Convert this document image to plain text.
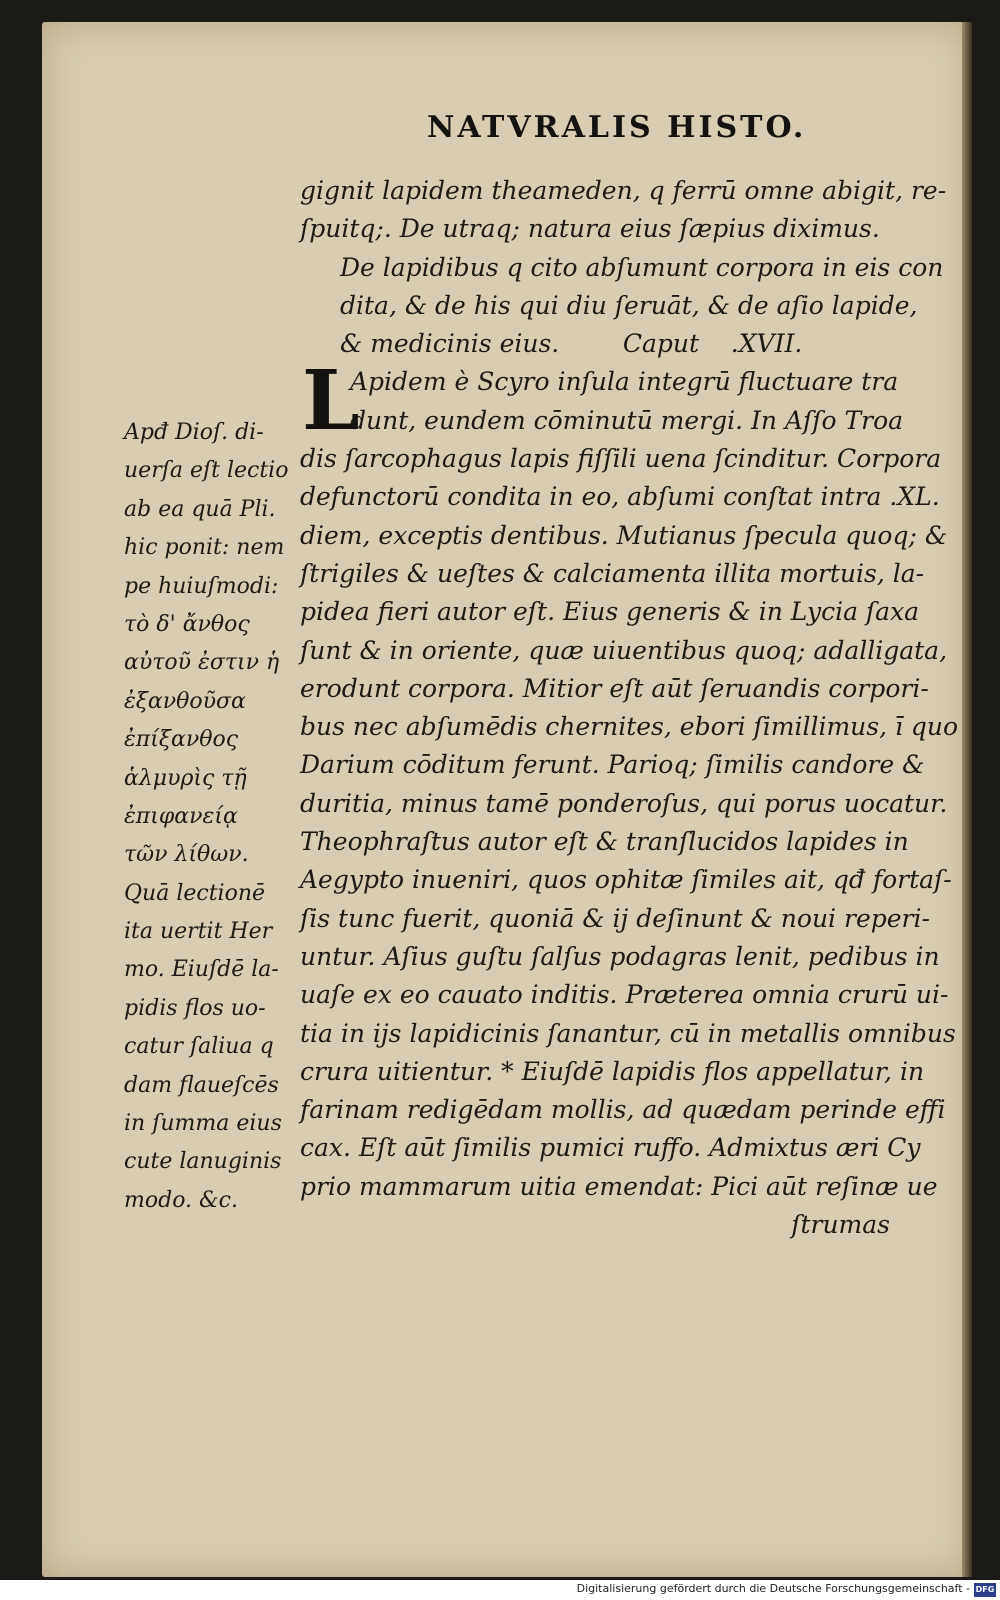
NATVRALIS HISTO.
gignit lapidem theameden, q ferrū omne abigit, re-
ſpuitq;. De utraq; natura eius ſæpius diximus.
De lapidibus q cito abſumunt corpora in eis con
dita, & de his qui diu ſeruāt, & de aſio lapide,
& medicinis eius.        Caput    .XVII.
Apidem è Scyro inſula integrū fluctuare tra
dunt, eundem cōminutū mergi. In Aſſo Troa
dis ſarcophagus lapis fiſſili uena ſcinditur. Corpora
defunctorū condita in eo, abſumi conſtat intra .XL.
diem, exceptis dentibus. Mutianus ſpecula quoq; &
ſtrigiles & ueſtes & calciamenta illita mortuis, la-
pidea fieri autor eſt. Eius generis & in Lycia ſaxa
ſunt & in oriente, quæ uiuentibus quoq; adalligata,
erodunt corpora. Mitior eſt aūt ſeruandis corpori-
bus nec abſumēdis chernites, ebori ſimillimus, ī quo
Darium cōditum ferunt. Parioq; ſimilis candore &
duritia, minus tamē ponderoſus, qui porus uocatur.
Theophraſtus autor eſt & tranſlucidos lapides in
Aegypto inueniri, quos ophitæ ſimiles ait, qđ fortaſ-
ſis tunc fuerit, quoniā & ij deſinunt & noui reperi-
untur. Aſius guſtu ſalſus podagras lenit, pedibus in
uaſe ex eo cauato inditis. Præterea omnia crurū ui-
tia in ijs lapidicinis ſanantur, cū in metallis omnibus
crura uitientur. * Eiuſdē lapidis flos appellatur, in
farinam redigēdam mollis, ad quædam perinde effi
cax. Eſt aūt ſimilis pumici ruffo. Admixtus æri Cy
prio mammarum uitia emendat: Pici aūt reſinæ ue
ſtrumas
L
Apđ Dioſ. di-
uerſa eſt lectio
ab ea quā Pli.
hic ponit: nem
pe huiuſmodi:
τὸ δ' ἄνθος
αὐτοῦ ἐστιν ἡ
ἐξανθοῦσα
ἐπίξανθος
ἁλμυρὶς τῇ
ἐπιφανείᾳ
τῶν λίθων.
Quā lectionē
ita uertit Her
mo. Eiuſdē la-
pidis flos uo-
catur ſaliua q
dam flaueſcēs
in ſumma eius
cute lanuginis
modo. &c.
Digitalisierung gefördert durch die Deutsche Forschungsgemeinschaft - DFG
